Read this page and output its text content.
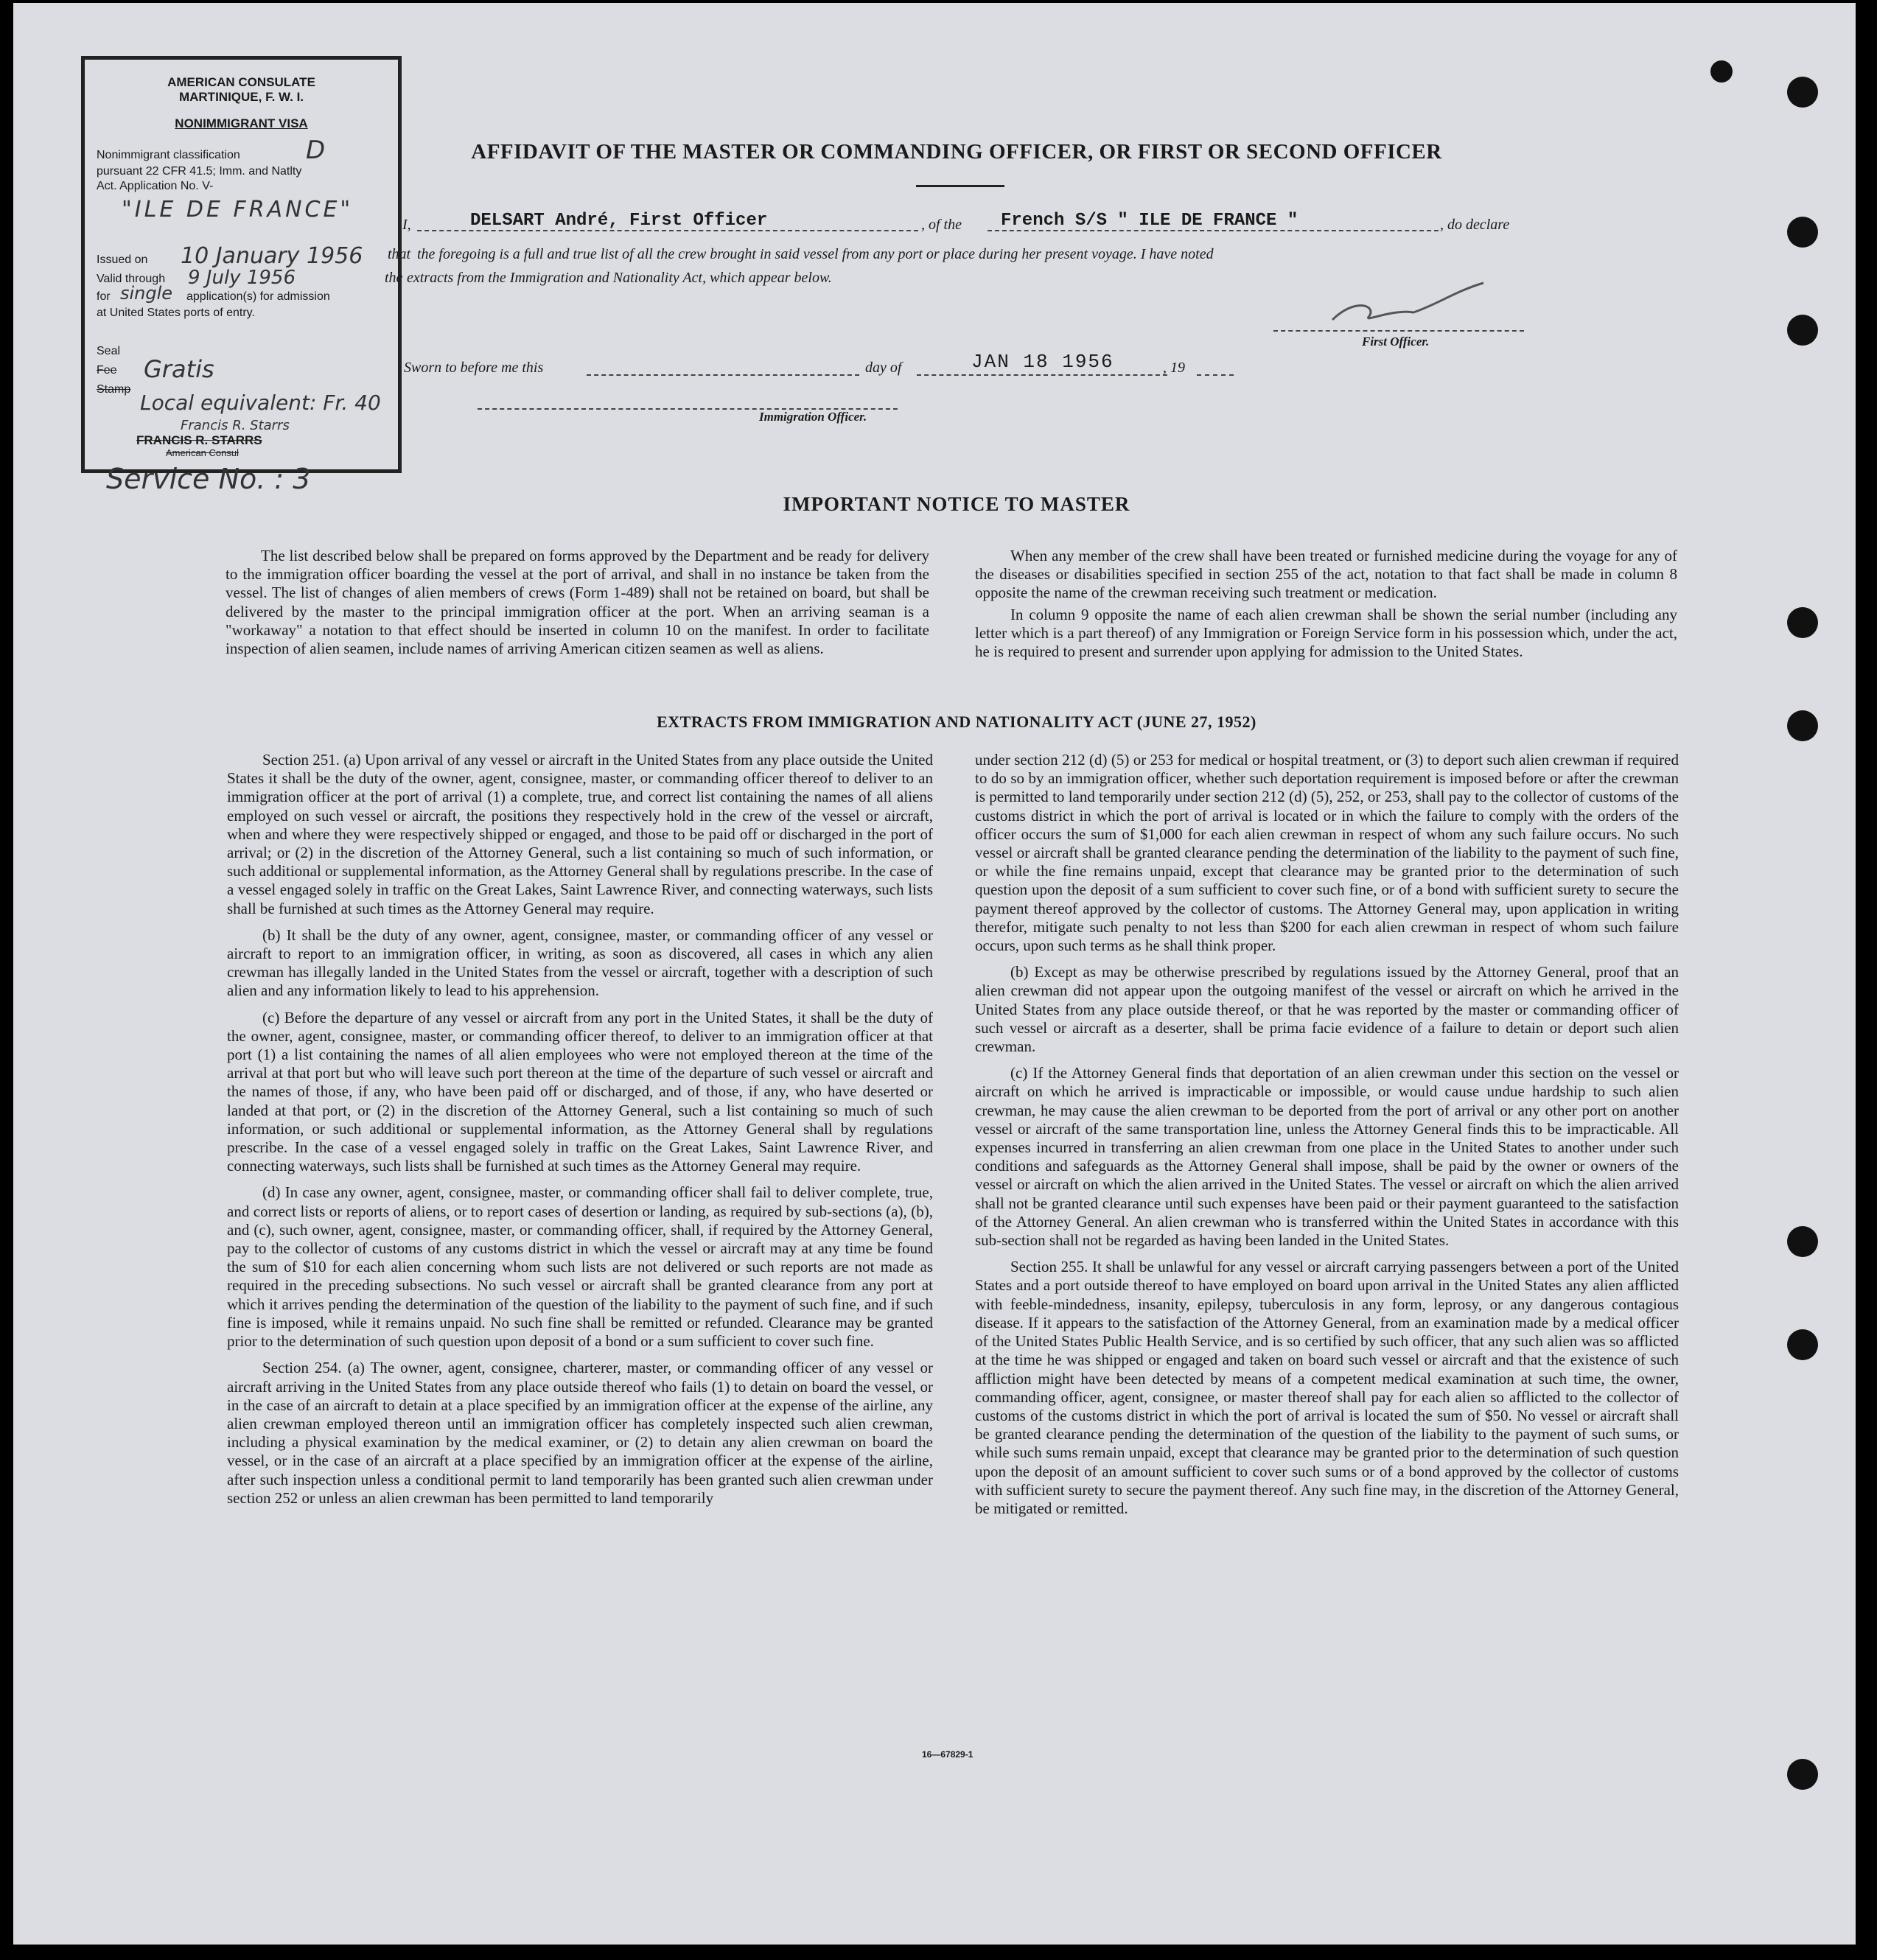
AMERICAN CONSULATE
MARTINIQUE, F. W. I.
NONIMMIGRANT VISA
Nonimmigrant classification	D
pursuant 22 CFR 41.5; Imm. and Natlty
Act. Application No. V-
"ILE DE FRANCE"
Issued on 10 January 1956
Valid through 9 July 1956
for single application(s) for admission
at United States ports of entry.
Seal
Fee Gratis
Stamp
Local equivalent: Fr. 40
Francis R. Starrs
FRANCIS R. STARRS
American Consul
Service No. : 3
AFFIDAVIT OF THE MASTER OR COMMANDING OFFICER, OR FIRST OR SECOND OFFICER
I,	DELSART André, First Officer	, of the French S/S " ILE DE FRANCE "	, do declare
that the foregoing is a full and true list of all the crew brought in said vessel from any port or place during her present voyage. I have noted
the extracts from the Immigration and Nationality Act, which appear below.
First Officer.
Sworn to before me this	day of	JAN 18 1956	, 19
Immigration Officer.
IMPORTANT NOTICE TO MASTER

The list described below shall be prepared on forms approved by the Department and be ready for delivery to the immigration officer boarding the vessel at the port of arrival, and shall in no instance be taken from the vessel. The list of changes of alien members of crews (Form 1-489) shall not be retained on board, but shall be delivered by the master to the principal immigration officer at the port. When an arriving seaman is a "workaway" a notation to that effect should be inserted in column 10 on the manifest. In order to facilitate inspection of alien seamen, include names of arriving American citizen seamen as well as aliens.

When any member of the crew shall have been treated or furnished medicine during the voyage for any of the diseases or disabilities specified in section 255 of the act, notation to that fact shall be made in column 8 opposite the name of the crewman receiving such treatment or medication.

In column 9 opposite the name of each alien crewman shall be shown the serial number (including any letter which is a part thereof) of any Immigration or Foreign Service form in his possession which, under the act, he is required to present and surrender upon applying for admission to the United States.

EXTRACTS FROM IMMIGRATION AND NATIONALITY ACT (JUNE 27, 1952)

Section 251. (a) Upon arrival of any vessel or aircraft in the United States from any place outside the United States it shall be the duty of the owner, agent, consignee, master, or commanding officer thereof to deliver to an immigration officer at the port of arrival (1) a complete, true, and correct list containing the names of all aliens employed on such vessel or aircraft, the positions they respectively hold in the crew of the vessel or aircraft, when and where they were respectively shipped or engaged, and those to be paid off or discharged in the port of arrival; or (2) in the discretion of the Attorney General, such a list containing so much of such information, or such additional or supplemental information, as the Attorney General shall by regulations prescribe. In the case of a vessel engaged solely in traffic on the Great Lakes, Saint Lawrence River, and connecting waterways, such lists shall be furnished at such times as the Attorney General may require.

(b) It shall be the duty of any owner, agent, consignee, master, or commanding officer of any vessel or aircraft to report to an immigration officer, in writing, as soon as discovered, all cases in which any alien crewman has illegally landed in the United States from the vessel or aircraft, together with a description of such alien and any information likely to lead to his apprehension.

(c) Before the departure of any vessel or aircraft from any port in the United States, it shall be the duty of the owner, agent, consignee, master, or commanding officer thereof, to deliver to an immigration officer at that port (1) a list containing the names of all alien employees who were not employed thereon at the time of the arrival at that port but who will leave such port thereon at the time of the departure of such vessel or aircraft and the names of those, if any, who have been paid off or discharged, and of those, if any, who have deserted or landed at that port, or (2) in the discretion of the Attorney General, such a list containing so much of such information, or such additional or supplemental information, as the Attorney General shall by regulations prescribe. In the case of a vessel engaged solely in traffic on the Great Lakes, Saint Lawrence River, and connecting waterways, such lists shall be furnished at such times as the Attorney General may require.

(d) In case any owner, agent, consignee, master, or commanding officer shall fail to deliver complete, true, and correct lists or reports of aliens, or to report cases of desertion or landing, as required by sub-sections (a), (b), and (c), such owner, agent, consignee, master, or commanding officer, shall, if required by the Attorney General, pay to the collector of customs of any customs district in which the vessel or aircraft may at any time be found the sum of $10 for each alien concerning whom such lists are not delivered or such reports are not made as required in the preceding subsections. No such vessel or aircraft shall be granted clearance from any port at which it arrives pending the determination of the question of the liability to the payment of such fine, and if such fine is imposed, while it remains unpaid. No such fine shall be remitted or refunded. Clearance may be granted prior to the determination of such question upon deposit of a bond or a sum sufficient to cover such fine.

Section 254. (a) The owner, agent, consignee, charterer, master, or commanding officer of any vessel or aircraft arriving in the United States from any place outside thereof who fails (1) to detain on board the vessel, or in the case of an aircraft to detain at a place specified by an immigration officer at the expense of the airline, any alien crewman employed thereon until an immigration officer has completely inspected such alien crewman, including a physical examination by the medical examiner, or (2) to detain any alien crewman on board the vessel, or in the case of an aircraft at a place specified by an immigration officer at the expense of the airline, after such inspection unless a conditional permit to land temporarily has been granted such alien crewman under section 252 or unless an alien crewman has been permitted to land temporarily

under section 212 (d) (5) or 253 for medical or hospital treatment, or (3) to deport such alien crewman if required to do so by an immigration officer, whether such deportation requirement is imposed before or after the crewman is permitted to land temporarily under section 212 (d) (5), 252, or 253, shall pay to the collector of customs of the customs district in which the port of arrival is located or in which the failure to comply with the orders of the officer occurs the sum of $1,000 for each alien crewman in respect of whom any such failure occurs. No such vessel or aircraft shall be granted clearance pending the determination of the liability to the payment of such fine, or while the fine remains unpaid, except that clearance may be granted prior to the determination of such question upon the deposit of a sum sufficient to cover such fine, or of a bond with sufficient surety to secure the payment thereof approved by the collector of customs. The Attorney General may, upon application in writing therefor, mitigate such penalty to not less than $200 for each alien crewman in respect of whom such failure occurs, upon such terms as he shall think proper.

(b) Except as may be otherwise prescribed by regulations issued by the Attorney General, proof that an alien crewman did not appear upon the outgoing manifest of the vessel or aircraft on which he arrived in the United States from any place outside thereof, or that he was reported by the master or commanding officer of such vessel or aircraft as a deserter, shall be prima facie evidence of a failure to detain or deport such alien crewman.

(c) If the Attorney General finds that deportation of an alien crewman under this section on the vessel or aircraft on which he arrived is impracticable or impossible, or would cause undue hardship to such alien crewman, he may cause the alien crewman to be deported from the port of arrival or any other port on another vessel or aircraft of the same transportation line, unless the Attorney General finds this to be impracticable. All expenses incurred in transferring an alien crewman from one place in the United States to another under such conditions and safeguards as the Attorney General shall impose, shall be paid by the owner or owners of the vessel or aircraft on which the alien arrived in the United States. The vessel or aircraft on which the alien arrived shall not be granted clearance until such expenses have been paid or their payment guaranteed to the satisfaction of the Attorney General. An alien crewman who is transferred within the United States in accordance with this sub-section shall not be regarded as having been landed in the United States.

Section 255. It shall be unlawful for any vessel or aircraft carrying passengers between a port of the United States and a port outside thereof to have employed on board upon arrival in the United States any alien afflicted with feeble-mindedness, insanity, epilepsy, tuberculosis in any form, leprosy, or any dangerous contagious disease. If it appears to the satisfaction of the Attorney General, from an examination made by a medical officer of the United States Public Health Service, and is so certified by such officer, that any such alien was so afflicted at the time he was shipped or engaged and taken on board such vessel or aircraft and that the existence of such affliction might have been detected by means of a competent medical examination at such time, the owner, commanding officer, agent, consignee, or master thereof shall pay for each alien so afflicted to the collector of customs of the customs district in which the port of arrival is located the sum of $50. No vessel or aircraft shall be granted clearance pending the determination of the question of the liability to the payment of such sums, or while such sums remain unpaid, except that clearance may be granted prior to the determination of such question upon the deposit of an amount sufficient to cover such sums or of a bond approved by the collector of customs with sufficient surety to secure the payment thereof. Any such fine may, in the discretion of the Attorney General, be mitigated or remitted.

16—67829-1
